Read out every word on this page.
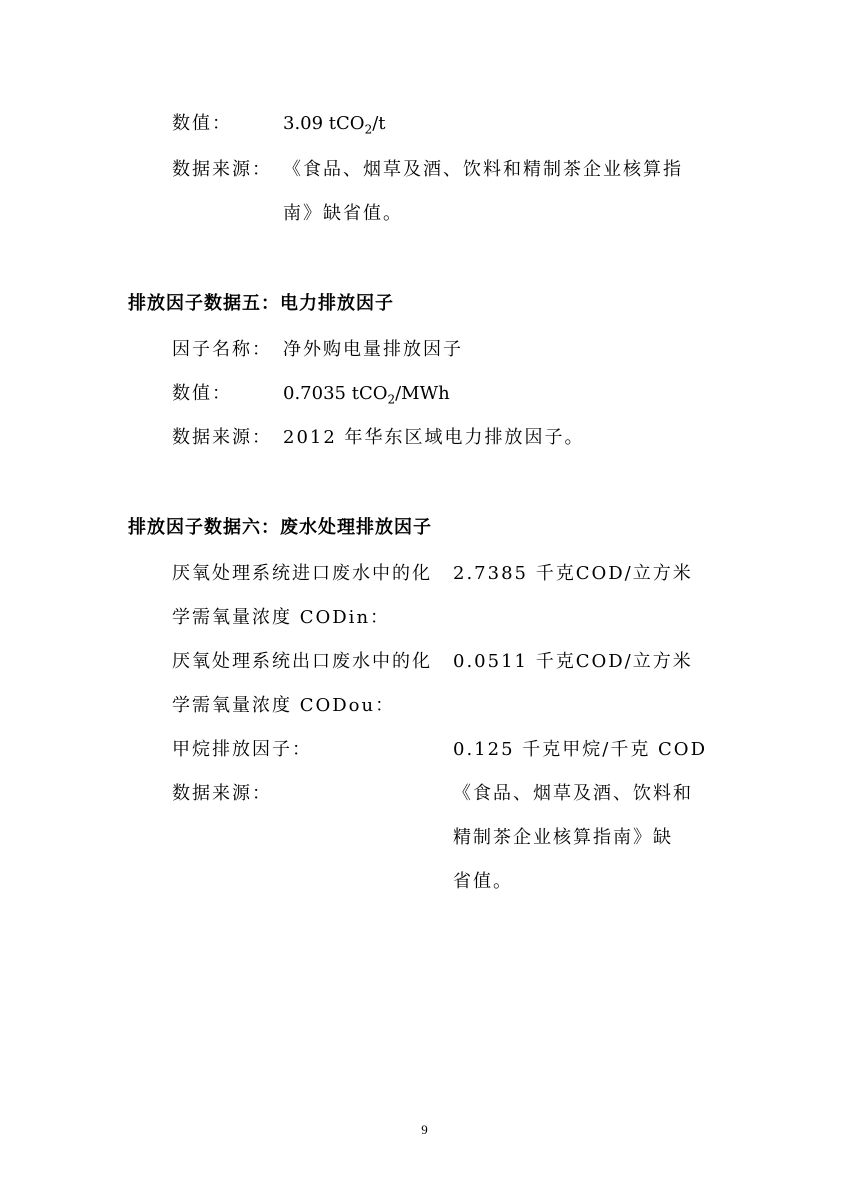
数值：	3.09 tCO$_2$/t
数据来源： 《食品、烟草及酒、饮料和精制茶企业核算指
南》缺省值。
排放因子数据五：电力排放因子
因子名称： 净外购电量排放因子
数值：	0.7035 tCO$_2$/MWh
数据来源： 2012 年华东区域电力排放因子。
排放因子数据六：废水处理排放因子
厌氧处理系统进口废水中的化 2.7385 千克COD/立方米
学需氧量浓度 CODin：
厌氧处理系统出口废水中的化 0.0511 千克COD/立方米
学需氧量浓度 CODou：
甲烷排放因子：	0.125 千克甲烷/千克 COD
数据来源：	《食品、烟草及酒、饮料和
精制茶企业核算指南》缺
省值。
9
